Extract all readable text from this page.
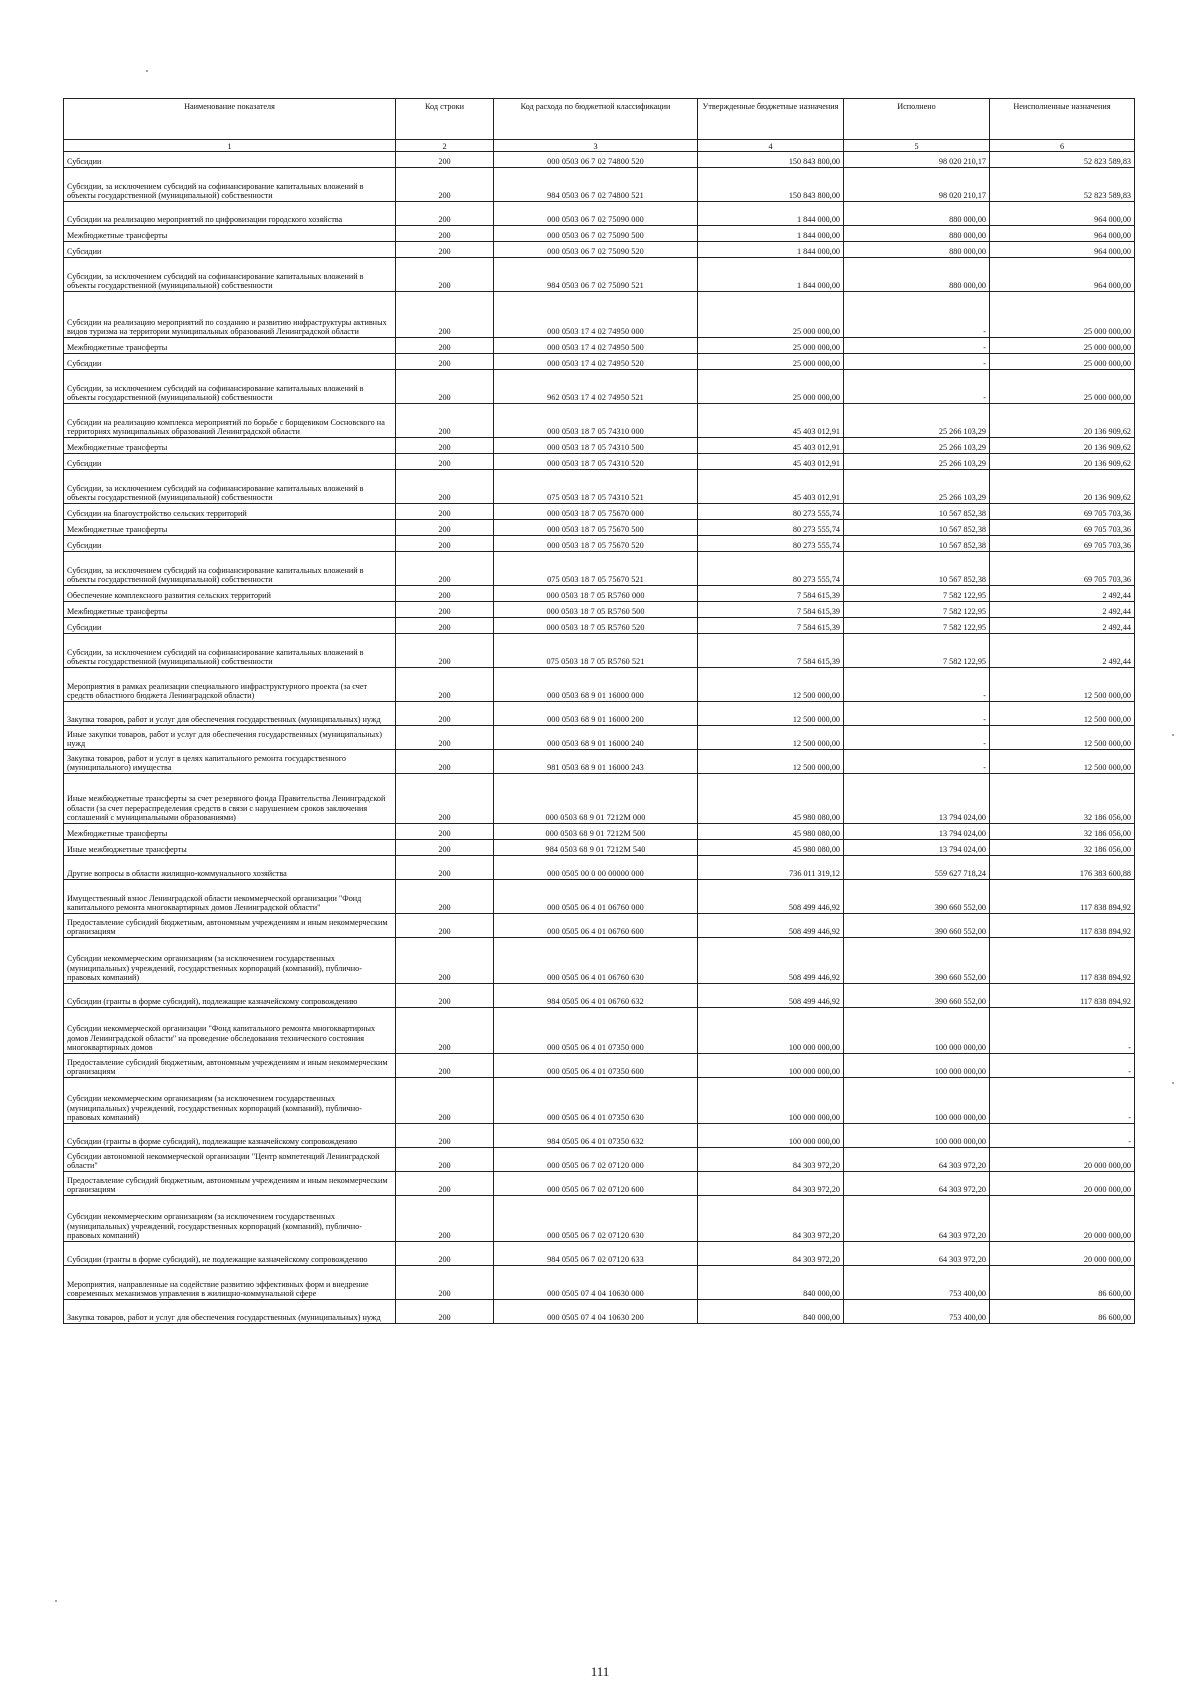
Наименование показателя	Код строки	Код расхода по бюджетной классификации	Утвержденные бюджетные назначения	Исполнено	Неисполненные назначения
1	2	3	4	5	6
Субсидии	200	000 0503 06 7 02 74800 520	150 843 800,00	98 020 210,17	52 823 589,83
Субсидии, за исключением субсидий на софинансирование капитальных вложений в объекты государственной (муниципальной) собственности	200	984 0503 06 7 02 74800 521	150 843 800,00	98 020 210,17	52 823 589,83
Субсидии на реализацию мероприятий по цифровизации городского хозяйства	200	000 0503 06 7 02 75090 000	1 844 000,00	880 000,00	964 000,00
Межбюджетные трансферты	200	000 0503 06 7 02 75090 500	1 844 000,00	880 000,00	964 000,00
Субсидии	200	000 0503 06 7 02 75090 520	1 844 000,00	880 000,00	964 000,00
Субсидии, за исключением субсидий на софинансирование капитальных вложений в объекты государственной (муниципальной) собственности	200	984 0503 06 7 02 75090 521	1 844 000,00	880 000,00	964 000,00
Субсидии на реализацию мероприятий по созданию и развитию инфраструктуры активных видов туризма на территории муниципальных образований Ленинградской области	200	000 0503 17 4 02 74950 000	25 000 000,00	-	25 000 000,00
Межбюджетные трансферты	200	000 0503 17 4 02 74950 500	25 000 000,00	-	25 000 000,00
Субсидии	200	000 0503 17 4 02 74950 520	25 000 000,00	-	25 000 000,00
Субсидии, за исключением субсидий на софинансирование капитальных вложений в объекты государственной (муниципальной) собственности	200	962 0503 17 4 02 74950 521	25 000 000,00	-	25 000 000,00
Субсидии на реализацию комплекса мероприятий по борьбе с борщевиком Сосновского на территориях муниципальных образований Ленинградской области	200	000 0503 18 7 05 74310 000	45 403 012,91	25 266 103,29	20 136 909,62
Межбюджетные трансферты	200	000 0503 18 7 05 74310 500	45 403 012,91	25 266 103,29	20 136 909,62
Субсидии	200	000 0503 18 7 05 74310 520	45 403 012,91	25 266 103,29	20 136 909,62
Субсидии, за исключением субсидий на софинансирование капитальных вложений в объекты государственной (муниципальной) собственности	200	075 0503 18 7 05 74310 521	45 403 012,91	25 266 103,29	20 136 909,62
Субсидии на благоустройство сельских территорий	200	000 0503 18 7 05 75670 000	80 273 555,74	10 567 852,38	69 705 703,36
Межбюджетные трансферты	200	000 0503 18 7 05 75670 500	80 273 555,74	10 567 852,38	69 705 703,36
Субсидии	200	000 0503 18 7 05 75670 520	80 273 555,74	10 567 852,38	69 705 703,36
Субсидии, за исключением субсидий на софинансирование капитальных вложений в объекты государственной (муниципальной) собственности	200	075 0503 18 7 05 75670 521	80 273 555,74	10 567 852,38	69 705 703,36
Обеспечение комплексного развития сельских территорий	200	000 0503 18 7 05 R5760 000	7 584 615,39	7 582 122,95	2 492,44
Межбюджетные трансферты	200	000 0503 18 7 05 R5760 500	7 584 615,39	7 582 122,95	2 492,44
Субсидии	200	000 0503 18 7 05 R5760 520	7 584 615,39	7 582 122,95	2 492,44
Субсидии, за исключением субсидий на софинансирование капитальных вложений в объекты государственной (муниципальной) собственности	200	075 0503 18 7 05 R5760 521	7 584 615,39	7 582 122,95	2 492,44
Мероприятия в рамках реализации специального инфраструктурного проекта (за счет средств областного бюджета Ленинградской области)	200	000 0503 68 9 01 16000 000	12 500 000,00	-	12 500 000,00
Закупка товаров, работ и услуг для обеспечения государственных (муниципальных) нужд	200	000 0503 68 9 01 16000 200	12 500 000,00	-	12 500 000,00
Иные закупки товаров, работ и услуг для обеспечения государственных (муниципальных) нужд	200	000 0503 68 9 01 16000 240	12 500 000,00	-	12 500 000,00
Закупка товаров, работ и услуг в целях капитального ремонта государственного (муниципального) имущества	200	981 0503 68 9 01 16000 243	12 500 000,00	-	12 500 000,00
Иные межбюджетные трансферты за счет резервного фонда Правительства Ленинградской области (за счет перераспределения средств в связи с нарушением сроков заключения соглашений с муниципальными образованиями)	200	000 0503 68 9 01 7212М 000	45 980 080,00	13 794 024,00	32 186 056,00
Межбюджетные трансферты	200	000 0503 68 9 01 7212М 500	45 980 080,00	13 794 024,00	32 186 056,00
Иные межбюджетные трансферты	200	984 0503 68 9 01 7212М 540	45 980 080,00	13 794 024,00	32 186 056,00
Другие вопросы в области жилищно-коммунального хозяйства	200	000 0505 00 0 00 00000 000	736 011 319,12	559 627 718,24	176 383 600,88
Имущественный взнос Ленинградской области некоммерческой организации "Фонд капитального ремонта многоквартирных домов Ленинградской области"	200	000 0505 06 4 01 06760 000	508 499 446,92	390 660 552,00	117 838 894,92
Предоставление субсидий бюджетным, автономным учреждениям и иным некоммерческим организациям	200	000 0505 06 4 01 06760 600	508 499 446,92	390 660 552,00	117 838 894,92
Субсидии некоммерческим организациям (за исключением государственных (муниципальных) учреждений, государственных корпораций (компаний), публично-правовых компаний)	200	000 0505 06 4 01 06760 630	508 499 446,92	390 660 552,00	117 838 894,92
Субсидии (гранты в форме субсидий), подлежащие казначейскому сопровождению	200	984 0505 06 4 01 06760 632	508 499 446,92	390 660 552,00	117 838 894,92
Субсидии некоммерческой организации "Фонд капитального ремонта многоквартирных домов Ленинградской области" на проведение обследования технического состояния многоквартирных домов	200	000 0505 06 4 01 07350 000	100 000 000,00	100 000 000,00	-
Предоставление субсидий бюджетным, автономным учреждениям и иным некоммерческим организациям	200	000 0505 06 4 01 07350 600	100 000 000,00	100 000 000,00	-
Субсидии некоммерческим организациям (за исключением государственных (муниципальных) учреждений, государственных корпораций (компаний), публично-правовых компаний)	200	000 0505 06 4 01 07350 630	100 000 000,00	100 000 000,00	-
Субсидии (гранты в форме субсидий), подлежащие казначейскому сопровождению	200	984 0505 06 4 01 07350 632	100 000 000,00	100 000 000,00	-
Субсидии автономной некоммерческой организации "Центр компетенций Ленинградской области"	200	000 0505 06 7 02 07120 000	84 303 972,20	64 303 972,20	20 000 000,00
Предоставление субсидий бюджетным, автономным учреждениям и иным некоммерческим организациям	200	000 0505 06 7 02 07120 600	84 303 972,20	64 303 972,20	20 000 000,00
Субсидии некоммерческим организациям (за исключением государственных (муниципальных) учреждений, государственных корпораций (компаний), публично-правовых компаний)	200	000 0505 06 7 02 07120 630	84 303 972,20	64 303 972,20	20 000 000,00
Субсидии (гранты в форме субсидий), не подлежащие казначейскому сопровождению	200	984 0505 06 7 02 07120 633	84 303 972,20	64 303 972,20	20 000 000,00
Мероприятия, направленные на содействие развитию эффективных форм и внедрение современных механизмов управления в жилищно-коммунальной сфере	200	000 0505 07 4 04 10630 000	840 000,00	753 400,00	86 600,00
Закупка товаров, работ и услуг для обеспечения государственных (муниципальных) нужд	200	000 0505 07 4 04 10630 200	840 000,00	753 400,00	86 600,00
111
